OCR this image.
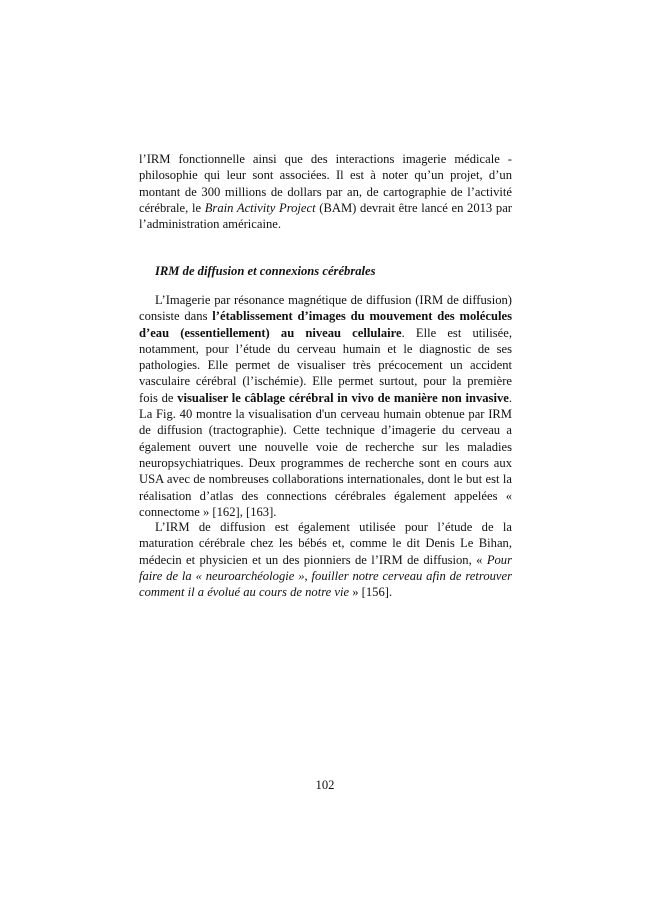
l’IRM fonctionnelle ainsi que des interactions imagerie médicale - philosophie qui leur sont associées. Il est à noter qu’un projet, d’un montant de 300 millions de dollars par an, de cartographie de l’activité cérébrale, le Brain Activity Project (BAM) devrait être lancé en 2013 par l’administration américaine.

IRM de diffusion et connexions cérébrales

L’Imagerie par résonance magnétique de diffusion (IRM de diffusion) consiste dans l’établissement d’images du mouvement des molécules d’eau (essentiellement) au niveau cellulaire. Elle est utilisée, notamment, pour l’étude du cerveau humain et le diagnostic de ses pathologies. Elle permet de visualiser très précocement un accident vasculaire cérébral (l’ischémie). Elle permet surtout, pour la première fois de visualiser le câblage cérébral in vivo de manière non invasive. La Fig. 40 montre la visualisation d'un cerveau humain obtenue par IRM de diffusion (tractographie). Cette technique d’imagerie du cerveau a également ouvert une nouvelle voie de recherche sur les maladies neuropsychiatriques. Deux programmes de recherche sont en cours aux USA avec de nombreuses collaborations internationales, dont le but est la réalisation d’atlas des connections cérébrales également appelées « connectome » [162], [163].

L’IRM de diffusion est également utilisée pour l’étude de la maturation cérébrale chez les bébés et, comme le dit Denis Le Bihan, médecin et physicien et un des pionniers de l’IRM de diffusion, « Pour faire de la « neuroarchéologie », fouiller notre cerveau afin de retrouver comment il a évolué au cours de notre vie » [156].

102
